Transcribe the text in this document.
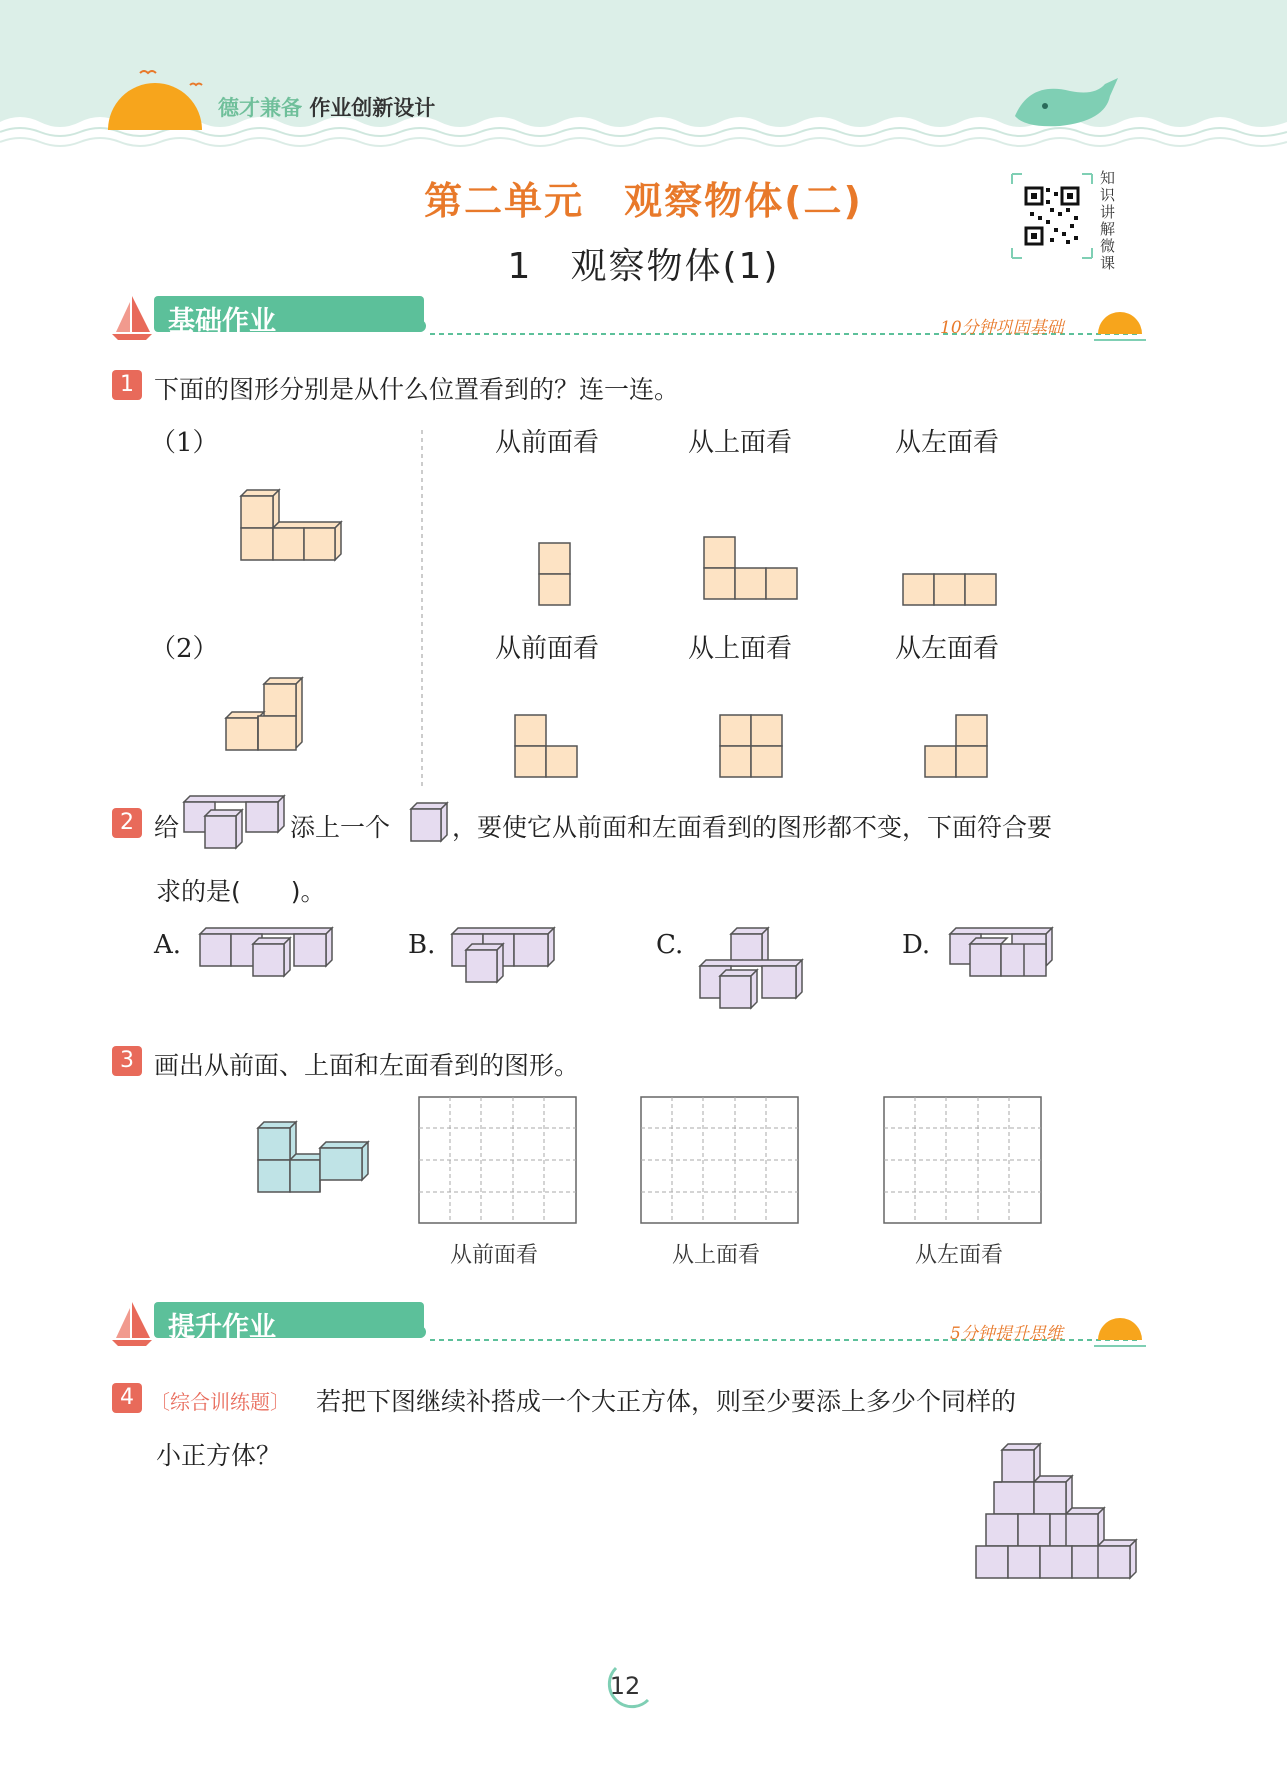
德才兼备 作业创新设计
第二单元　观察物体(二)
1　观察物体(1)
知识讲解微课
基础作业	10分钟巩固基础
1 下面的图形分别是从什么位置看到的？连一连。
（1）
（2）
从前面看	从上面看	从左面看
从前面看	从上面看	从左面看
2 给	添上一个 ，要使它从前面和左面看到的图形都不变，下面符合要
求的是(　　)。
A.	B.	C.	D.
3 画出从前面、上面和左面看到的图形。
从前面看	从上面看	从左面看
提升作业	5分钟提升思维
4 〔综合训练题〕 若把下图继续补搭成一个大正方体，则至少要添上多少个同样的
小正方体？
12
